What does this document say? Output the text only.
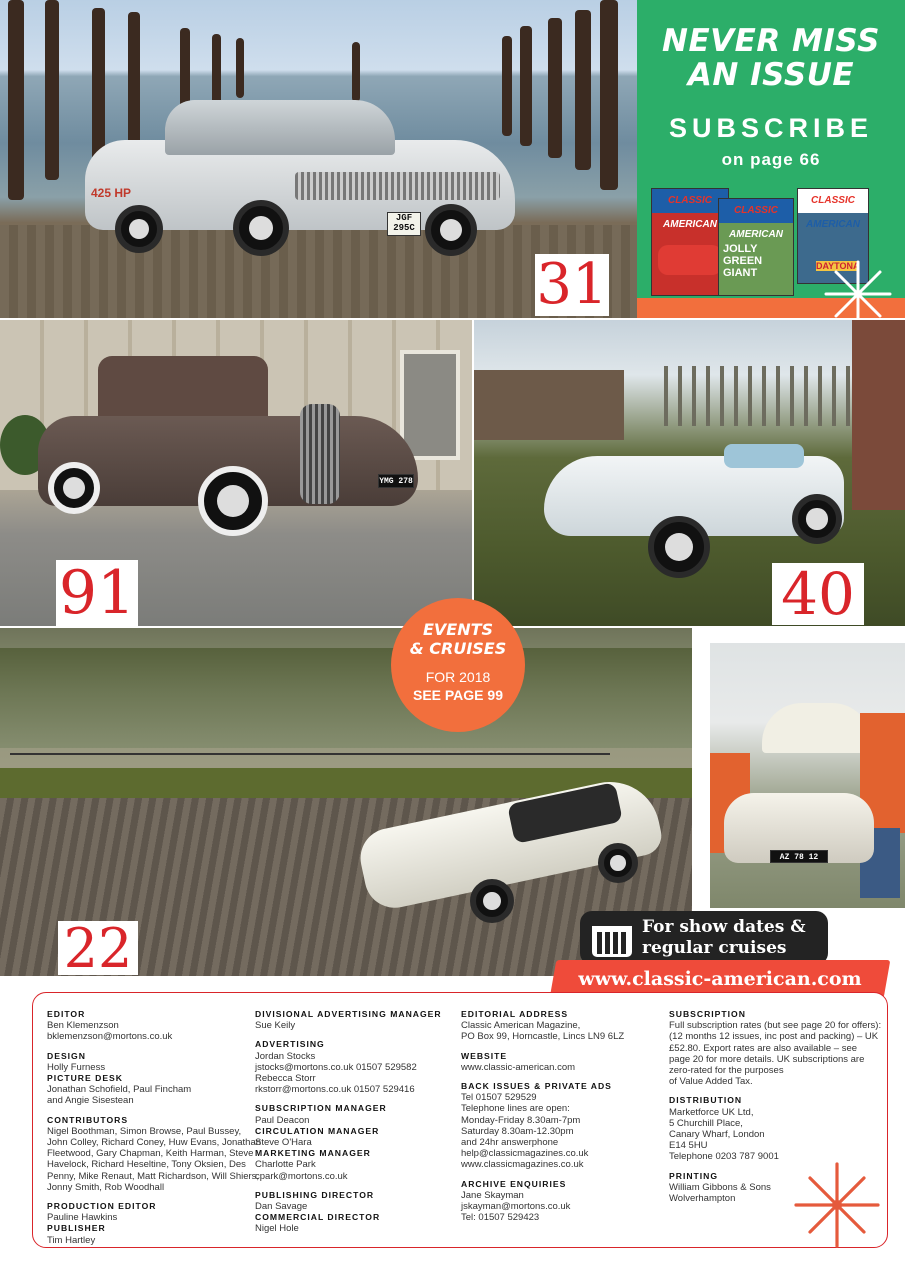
425 HP
JGF
295C
31
NEVER MISS
AN ISSUE
SUBSCRIBE
on page 66
CLASSIC AMERICAN
CLASSIC AMERICAN
JOLLY GREEN GIANT
CLASSIC AMERICAN
DAYTONA
YMG 278
91	40
22
AZ 78 12
EVENTS
& CRUISES
FOR 2018
SEE PAGE 99
For show dates &
regular cruises
www.classic-american.com
EDITOR
Ben Klemenzson
bklemenzson@mortons.co.uk
DESIGN
Holly Furness
PICTURE DESK
Jonathan Schofield, Paul Fincham
and Angie Sisestean
CONTRIBUTORS
Nigel Boothman, Simon Browse, Paul Bussey,
John Colley, Richard Coney, Huw Evans, Jonathan
Fleetwood, Gary Chapman, Keith Harman, Steve
Havelock, Richard Heseltine, Tony Oksien, Des
Penny, Mike Renaut, Matt Richardson, Will Shiers,
Jonny Smith, Rob Woodhall
PRODUCTION EDITOR
Pauline Hawkins
PUBLISHER
Tim Hartley
DIVISIONAL ADVERTISING MANAGER
Sue Keily
ADVERTISING
Jordan Stocks
jstocks@mortons.co.uk 01507 529582
Rebecca Storr
rkstorr@mortons.co.uk 01507 529416
SUBSCRIPTION MANAGER
Paul Deacon
CIRCULATION MANAGER
Steve O'Hara
MARKETING MANAGER
Charlotte Park
cpark@mortons.co.uk
PUBLISHING DIRECTOR
Dan Savage
COMMERCIAL DIRECTOR
Nigel Hole
EDITORIAL ADDRESS
Classic American Magazine,
PO Box 99, Horncastle, Lincs LN9 6LZ
WEBSITE
www.classic-american.com
BACK ISSUES & PRIVATE ADS
Tel 01507 529529
Telephone lines are open:
Monday-Friday 8.30am-7pm
Saturday 8.30am-12.30pm
and 24hr answerphone
help@classicmagazines.co.uk
www.classicmagazines.co.uk
ARCHIVE ENQUIRIES
Jane Skayman
jskayman@mortons.co.uk
Tel: 01507 529423
SUBSCRIPTION
Full subscription rates (but see page 20 for offers):
(12 months 12 issues, inc post and packing) – UK
£52.80. Export rates are also available – see
page 20 for more details. UK subscriptions are
zero-rated for the purposes
of Value Added Tax.
DISTRIBUTION
Marketforce UK Ltd,
5 Churchill Place,
Canary Wharf, London
E14 5HU
Telephone 0203 787 9001
PRINTING
William Gibbons & Sons
Wolverhampton
